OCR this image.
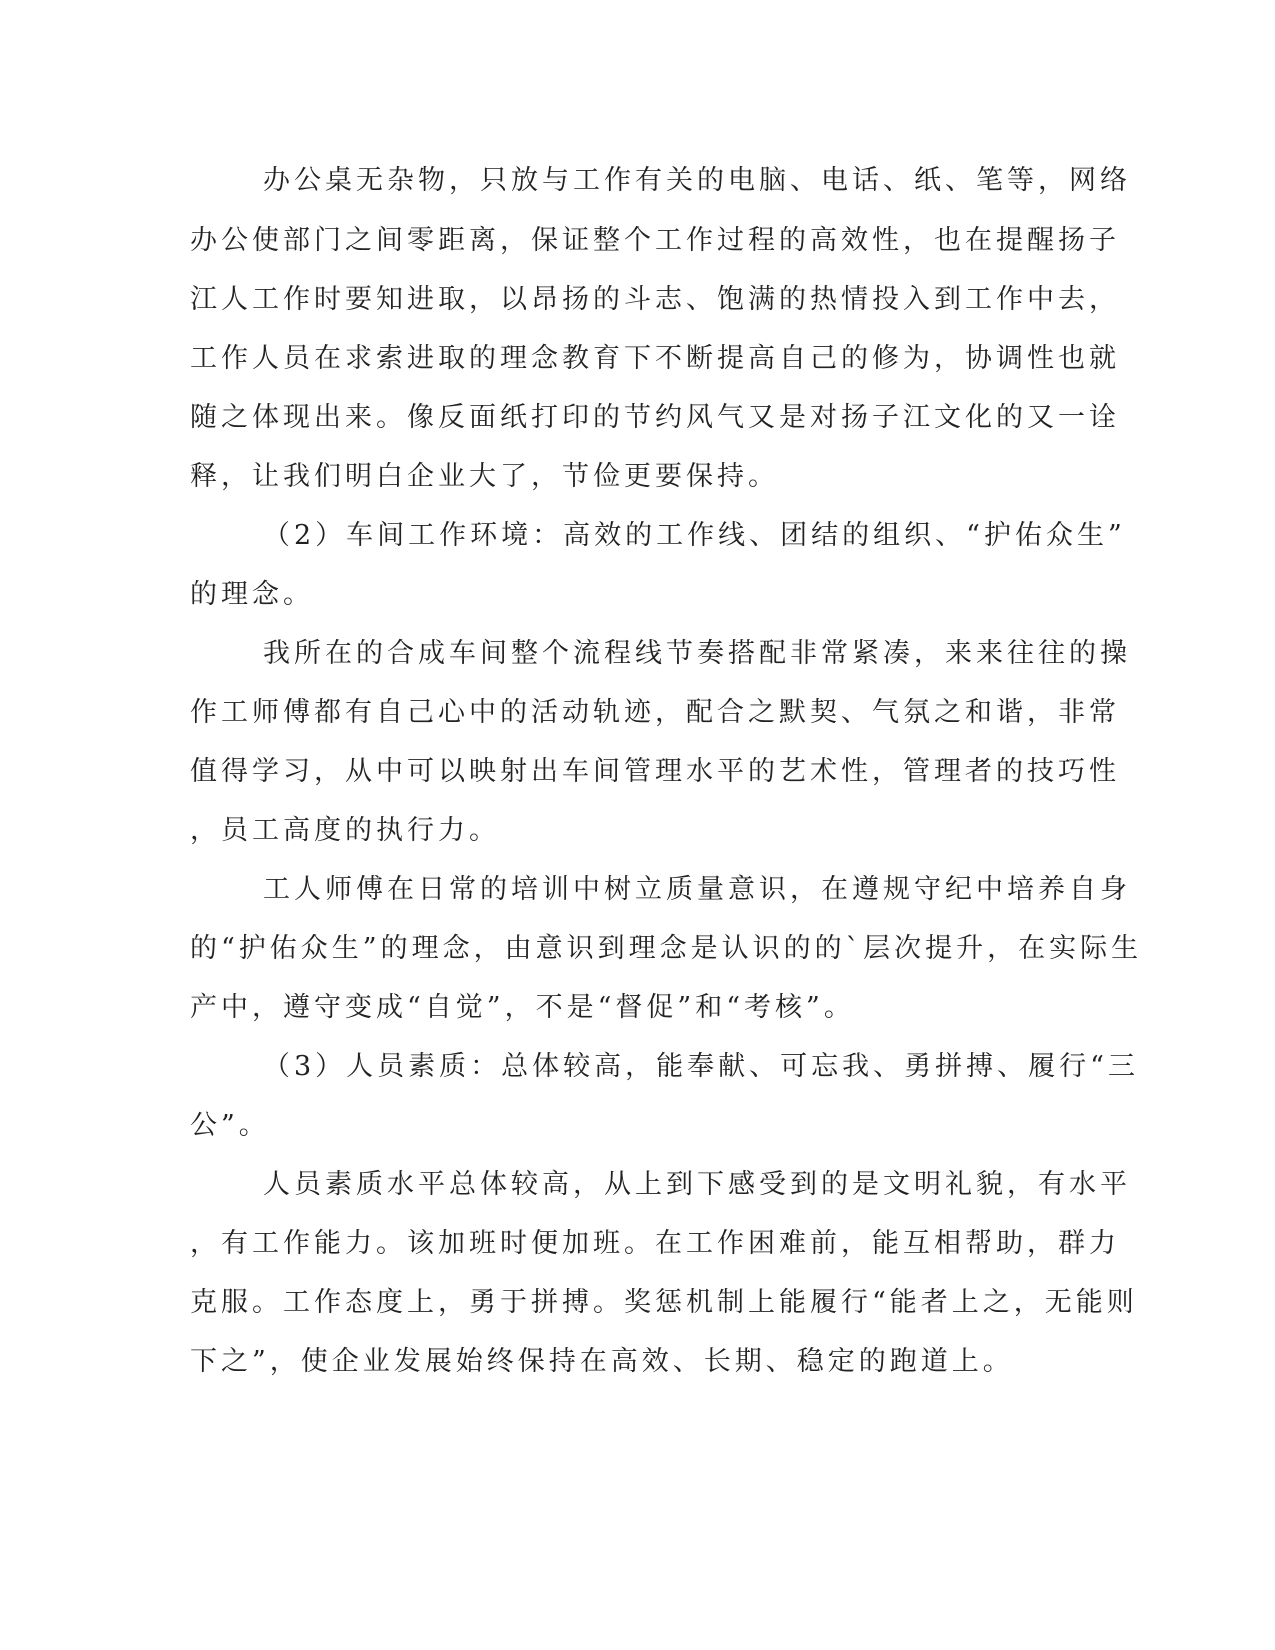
办公桌无杂物，只放与工作有关的电脑、电话、纸、笔等，网络
办公使部门之间零距离，保证整个工作过程的高效性，也在提醒扬子
江人工作时要知进取，以昂扬的斗志、饱满的热情投入到工作中去，
工作人员在求索进取的理念教育下不断提高自己的修为，协调性也就
随之体现出来。像反面纸打印的节约风气又是对扬子江文化的又一诠
释，让我们明白企业大了，节俭更要保持。
（2）车间工作环境：高效的工作线、团结的组织、“护佑众生”
的理念。
我所在的合成车间整个流程线节奏搭配非常紧凑，来来往往的操
作工师傅都有自己心中的活动轨迹，配合之默契、气氛之和谐，非常
值得学习，从中可以映射出车间管理水平的艺术性，管理者的技巧性
，员工高度的执行力。
工人师傅在日常的培训中树立质量意识，在遵规守纪中培养自身
的“护佑众生”的理念，由意识到理念是认识的的`层次提升，在实际生
产中，遵守变成“自觉”，不是“督促”和“考核”。
（3）人员素质：总体较高，能奉献、可忘我、勇拼搏、履行“三
公”。
人员素质水平总体较高，从上到下感受到的是文明礼貌，有水平
，有工作能力。该加班时便加班。在工作困难前，能互相帮助，群力
克服。工作态度上，勇于拼搏。奖惩机制上能履行“能者上之，无能则
下之”，使企业发展始终保持在高效、长期、稳定的跑道上。
